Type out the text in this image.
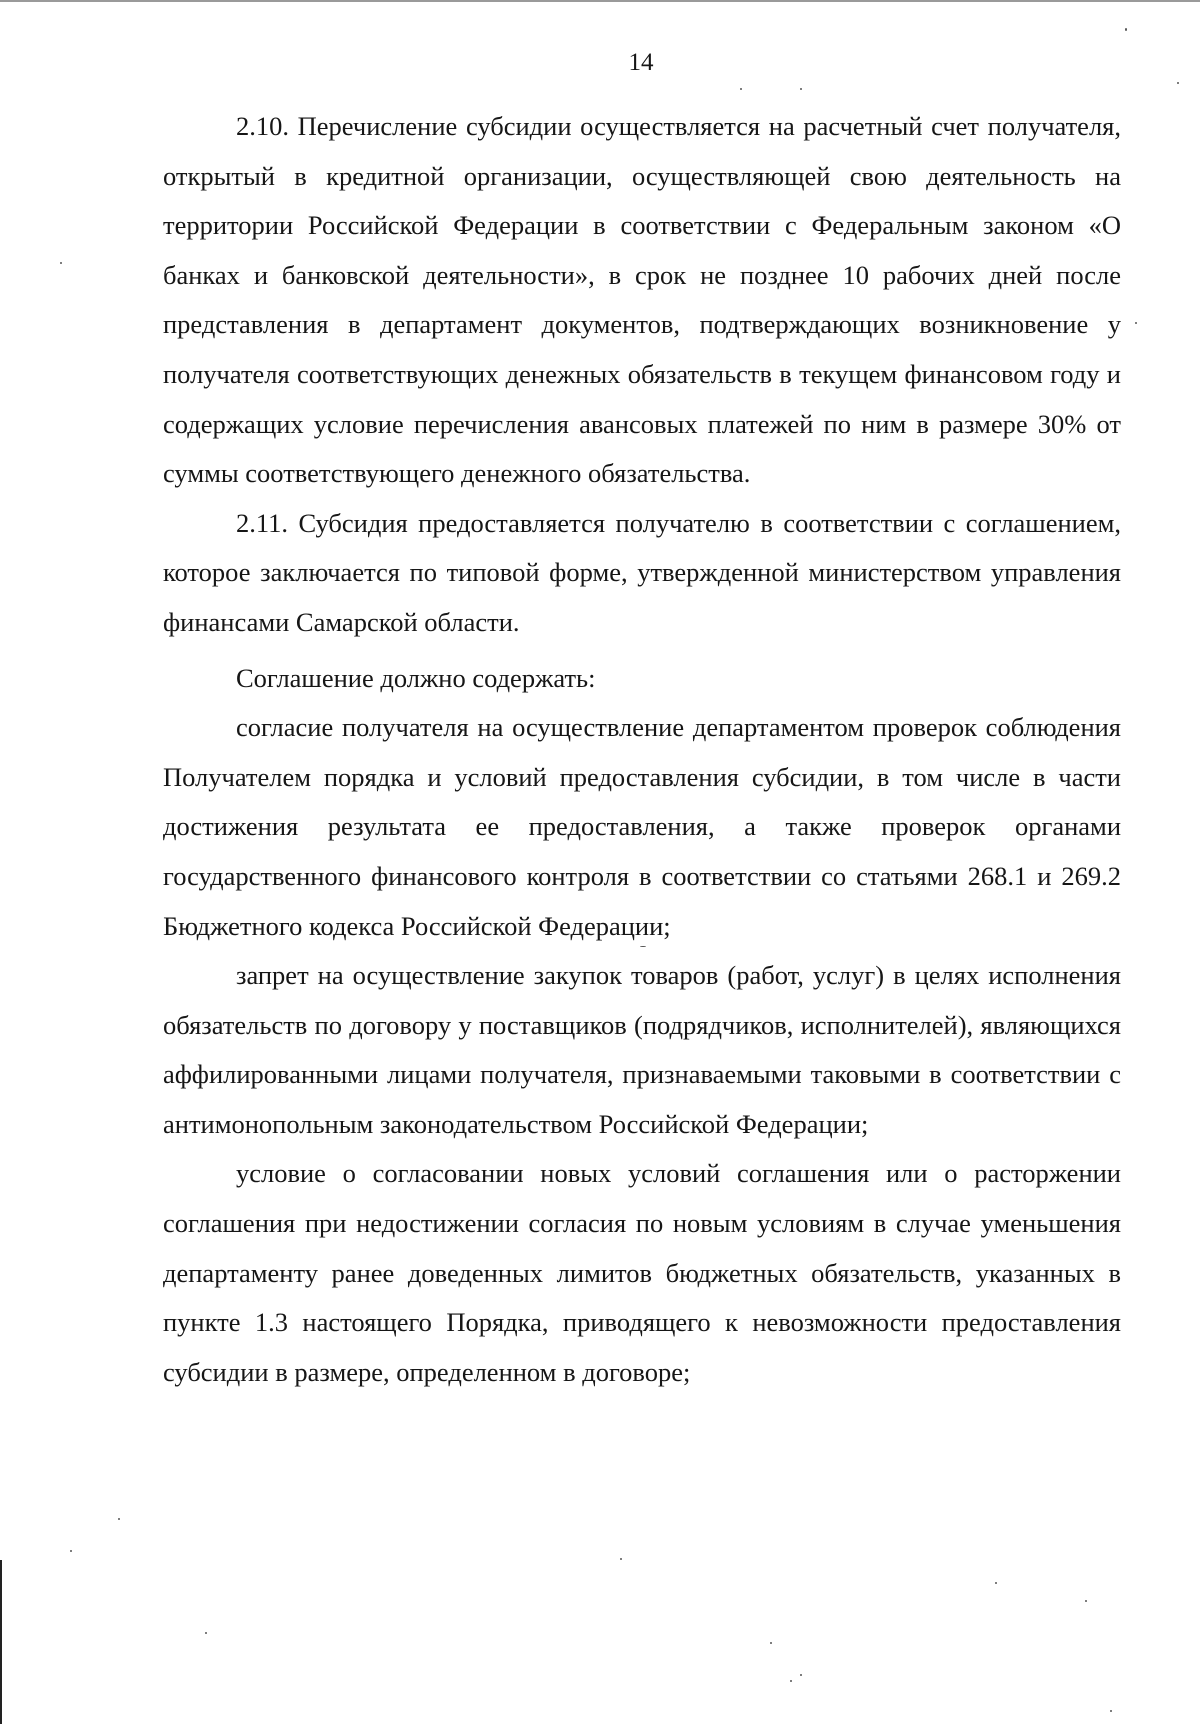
14

2.10. Перечисление субсидии осуществляется на расчетный счет получателя, открытый в кредитной организации, осуществляющей свою деятельность на территории Российской Федерации в соответствии с Федеральным законом «О банках и банковской деятельности», в срок не позднее 10 рабочих дней после представления в департамент документов, подтверждающих возникновение у получателя соответствующих денежных обязательств в текущем финансовом году и содержащих условие перечисления авансовых платежей по ним в размере 30% от суммы соответствующего денежного обязательства.

2.11. Субсидия предоставляется получателю в соответствии с соглашением, которое заключается по типовой форме, утвержденной министерством управления финансами Самарской области.

Соглашение должно содержать:

согласие получателя на осуществление департаментом проверок соблюдения Получателем порядка и условий предоставления субсидии, в том числе в части достижения результата ее предоставления, а также проверок органами государственного финансового контроля в соответствии со статьями 268.1 и 269.2 Бюджетного кодекса Российской Федерации;

запрет на осуществление закупок товаров (работ, услуг) в целях исполнения обязательств по договору у поставщиков (подрядчиков, исполнителей), являющихся аффилированными лицами получателя, признаваемыми таковыми в соответствии с антимонопольным законодательством Российской Федерации;

условие о согласовании новых условий соглашения или о расторжении соглашения при недостижении согласия по новым условиям в случае уменьшения департаменту ранее доведенных лимитов бюджетных обязательств, указанных в пункте 1.3 настоящего Порядка, приводящего к невозможности предоставления субсидии в размере, определенном в договоре;
